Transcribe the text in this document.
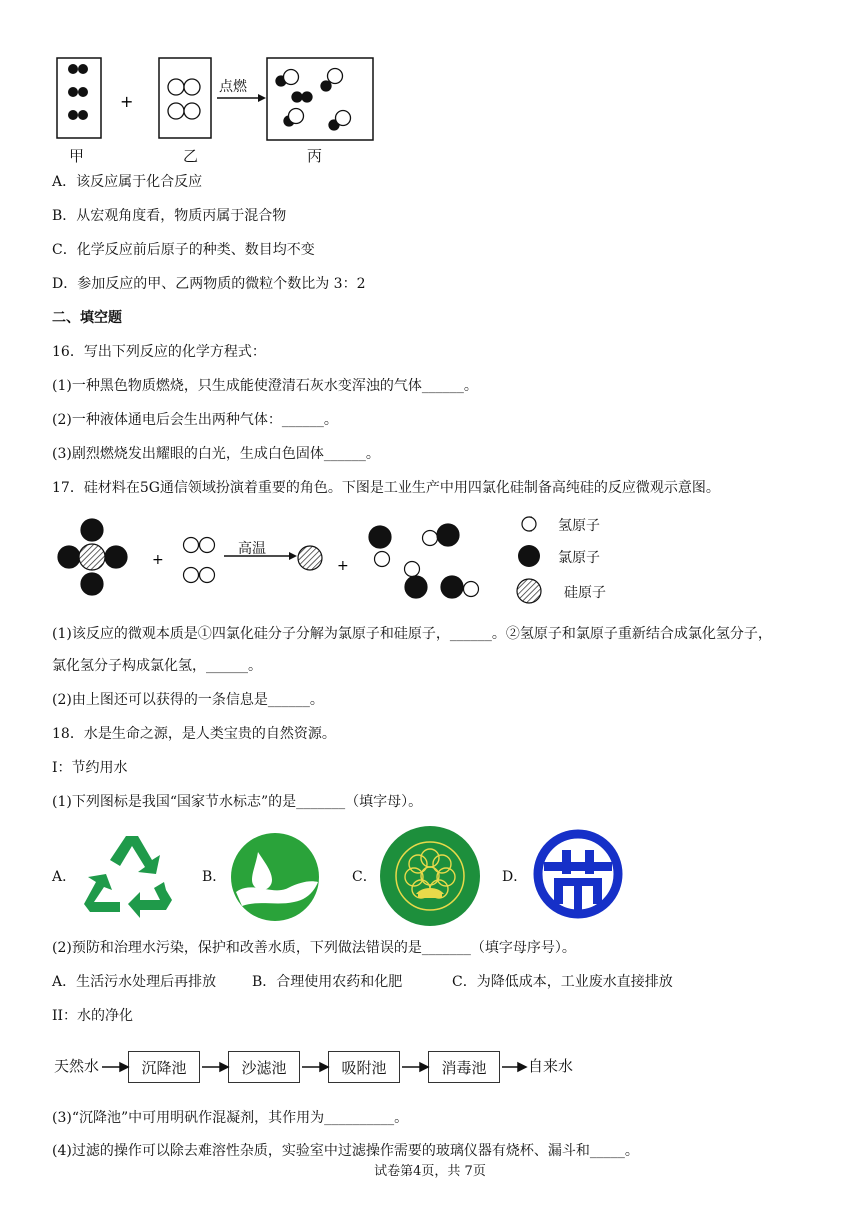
+
点燃
甲	乙	丙
A．该反应属于化合反应
B．从宏观角度看，物质丙属于混合物
C．化学反应前后原子的种类、数目均不变
D．参加反应的甲、乙两物质的微粒个数比为 3：2
二、填空题
16．写出下列反应的化学方程式：
(1)一种黑色物质燃烧，只生成能使澄清石灰水变浑浊的气体______。
(2)一种液体通电后会生出两种气体：______。
(3)剧烈燃烧发出耀眼的白光，生成白色固体______。
17．硅材料在5G通信领域扮演着重要的角色。下图是工业生产中用四氯化硅制备高纯硅的反应微观示意图。
+	+
高温
氢原子
氯原子
硅原子
(1)该反应的微观本质是①四氯化硅分子分解为氯原子和硅原子，______。②氢原子和氯原子重新结合成氯化氢分子，
氯化氢分子构成氯化氢，______。
(2)由上图还可以获得的一条信息是______。
18．水是生命之源，是人类宝贵的自然资源。
I：节约用水
(1)下列图标是我国“国家节水标志”的是_______（填字母）。
A．	B．	C．	D．
(2)预防和治理水污染，保护和改善水质，下列做法错误的是_______（填字母序号）。
A．生活污水处理后再排放	B．合理使用农药和化肥	C．为降低成本，工业废水直接排放
II：水的净化
天然水	沉降池	沙滤池	吸附池	消毒池	自来水
(3)“沉降池”中可用明矾作混凝剂，其作用为__________。
(4)过滤的操作可以除去难溶性杂质，实验室中过滤操作需要的玻璃仪器有烧杯、漏斗和_____。
试卷第4页，共 7页
